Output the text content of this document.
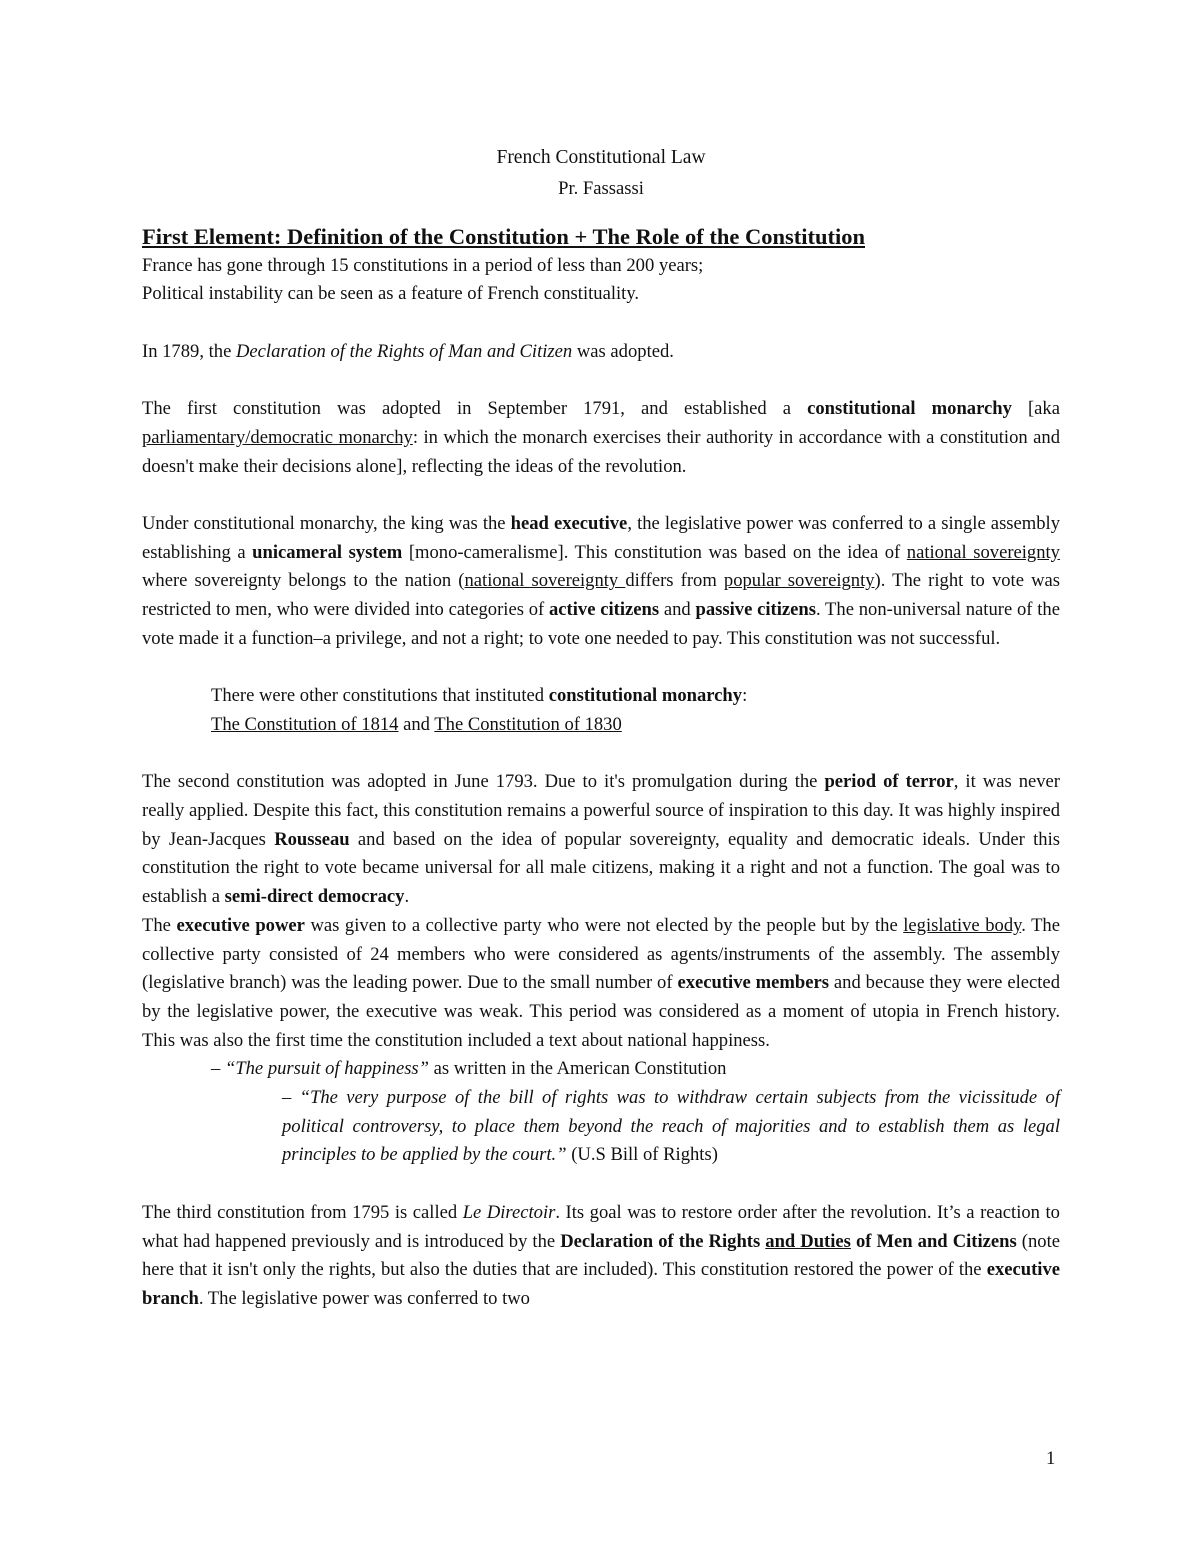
French Constitutional Law
Pr. Fassassi
First Element: Definition of the Constitution + The Role of the Constitution

France has gone through 15 constitutions in a period of less than 200 years;

Political instability can be seen as a feature of French constituality.

In 1789, the Declaration of the Rights of Man and Citizen was adopted.

The first constitution was adopted in September 1791, and established a constitutional monarchy [aka parliamentary/democratic monarchy: in which the monarch exercises their authority in accordance with a constitution and doesn't make their decisions alone], reflecting the ideas of the revolution.

Under constitutional monarchy, the king was the head executive, the legislative power was conferred to a single assembly establishing a unicameral system [mono-cameralisme]. This constitution was based on the idea of national sovereignty where sovereignty belongs to the nation (national sovereignty differs from popular sovereignty). The right to vote was restricted to men, who were divided into categories of active citizens and passive citizens. The non-universal nature of the vote made it a function–a privilege, and not a right; to vote one needed to pay. This constitution was not successful.

There were other constitutions that instituted constitutional monarchy:

The Constitution of 1814 and The Constitution of 1830

The second constitution was adopted in June 1793. Due to it's promulgation during the period of terror, it was never really applied. Despite this fact, this constitution remains a powerful source of inspiration to this day. It was highly inspired by Jean-Jacques Rousseau and based on the idea of popular sovereignty, equality and democratic ideals. Under this constitution the right to vote became universal for all male citizens, making it a right and not a function. The goal was to establish a semi-direct democracy.

The executive power was given to a collective party who were not elected by the people but by the legislative body. The collective party consisted of 24 members who were considered as agents/instruments of the assembly. The assembly (legislative branch) was the leading power. Due to the small number of executive members and because they were elected by the legislative power, the executive was weak. This period was considered as a moment of utopia in French history. This was also the first time the constitution included a text about national happiness.

– “The pursuit of happiness” as written in the American Constitution

– “The very purpose of the bill of rights was to withdraw certain subjects from the vicissitude of political controversy, to place them beyond the reach of majorities and to establish them as legal principles to be applied by the court.” (U.S Bill of Rights)

The third constitution from 1795 is called Le Directoir. Its goal was to restore order after the revolution. It’s a reaction to what had happened previously and is introduced by the Declaration of the Rights and Duties of Men and Citizens (note here that it isn't only the rights, but also the duties that are included). This constitution restored the power of the executive branch. The legislative power was conferred to two

1
